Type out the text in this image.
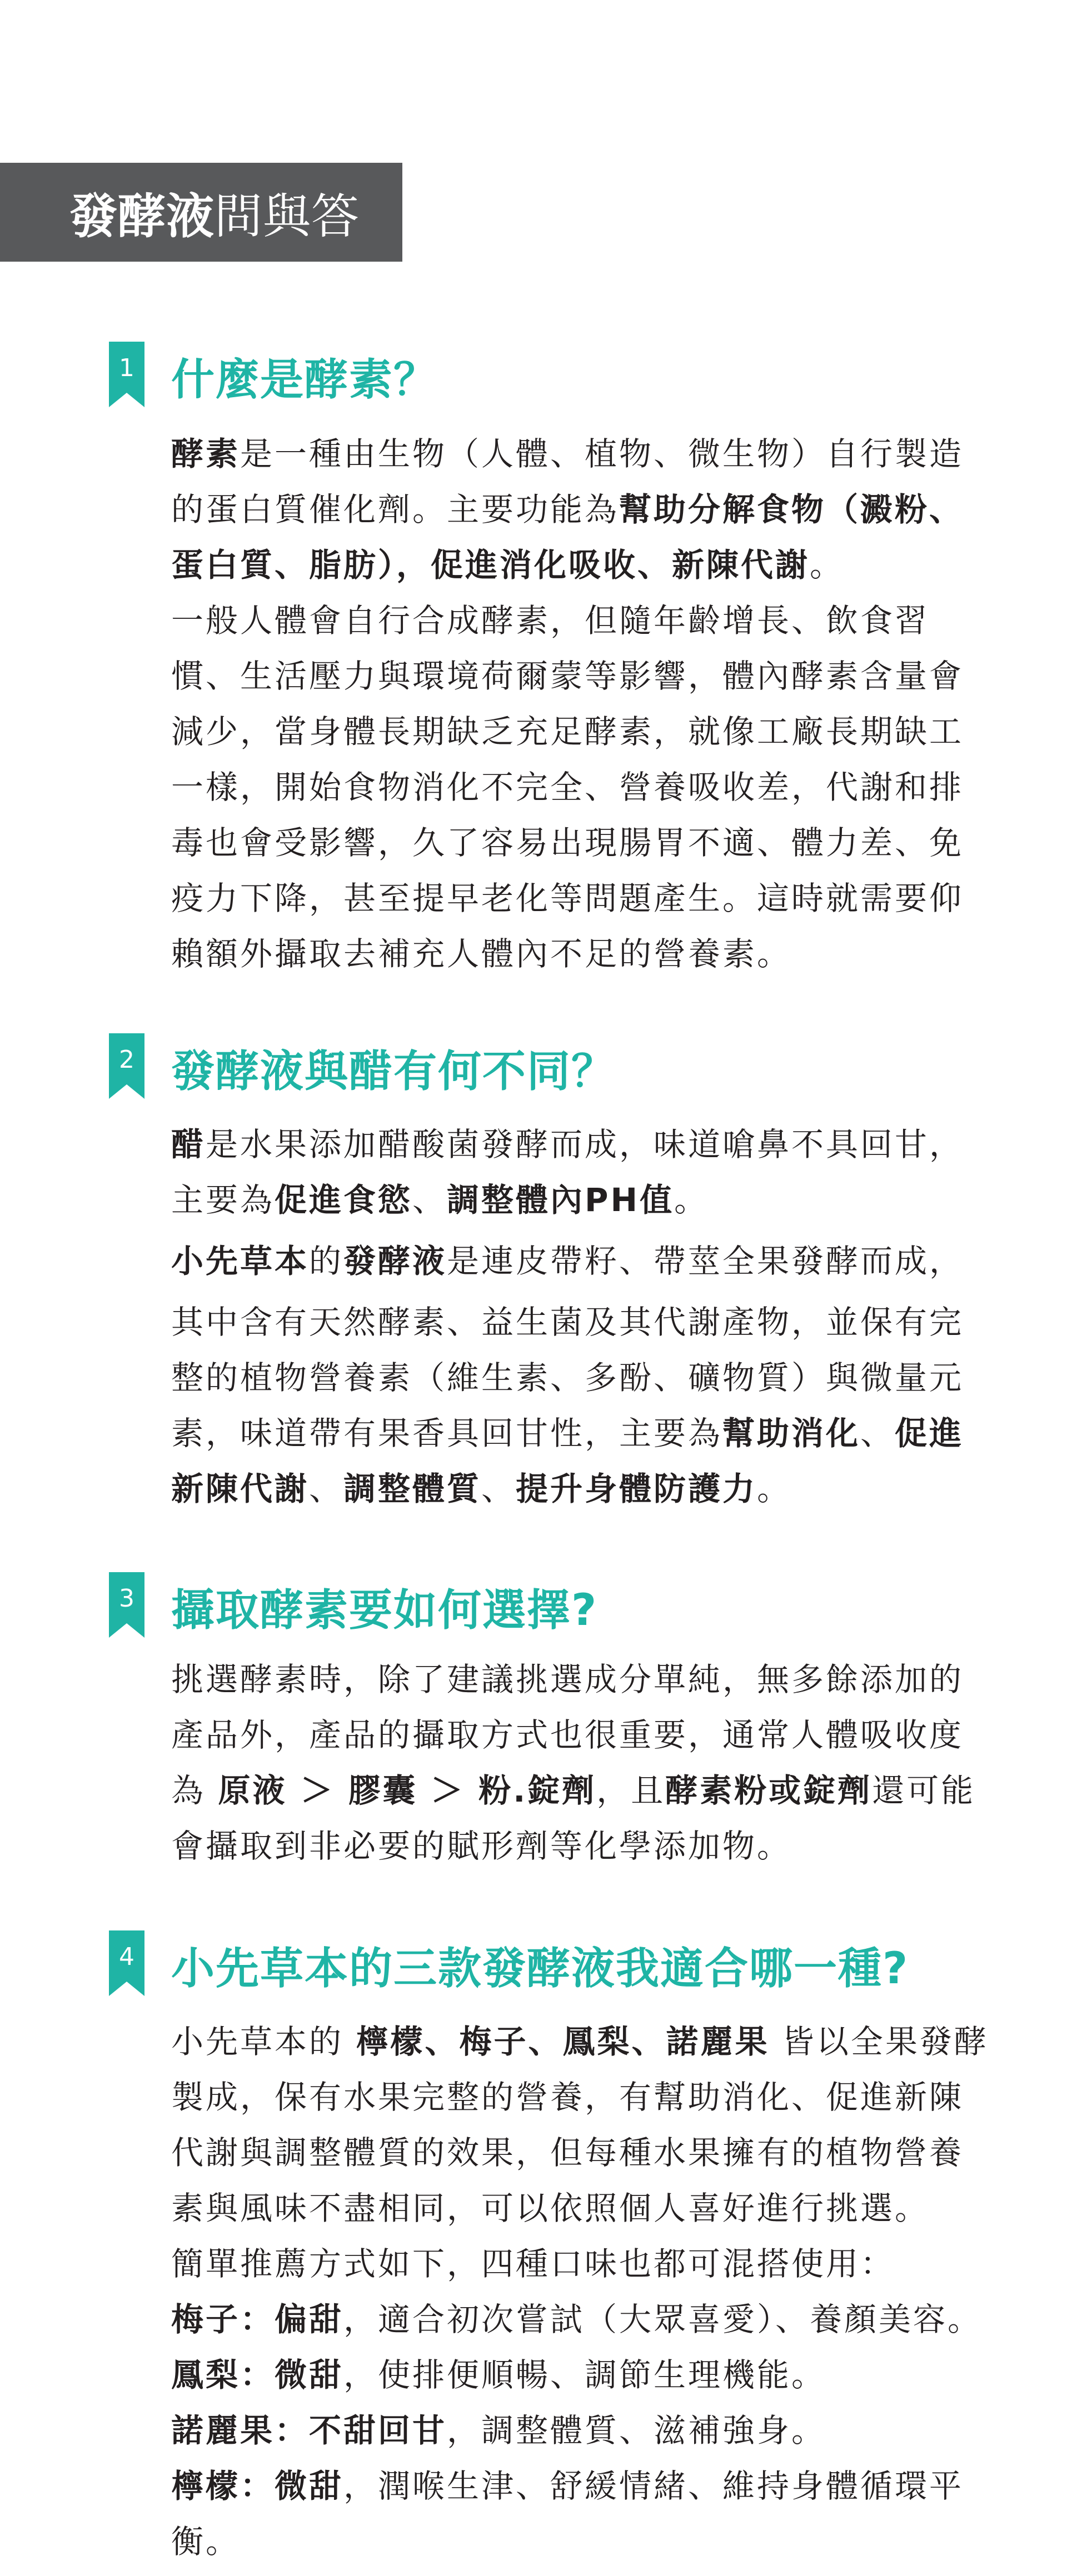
發酵液問與答
1 什麼是酵素？

酵素是一種由生物（人體、植物、微生物）自行製造的蛋白質催化劑。主要功能為幫助分解食物（澱粉、蛋白質、脂肪），促進消化吸收、新陳代謝。

一般人體會自行合成酵素，但隨年齡增長、飲食習慣、生活壓力與環境荷爾蒙等影響，體內酵素含量會減少，當身體長期缺乏充足酵素，就像工廠長期缺工一樣，開始食物消化不完全、營養吸收差，代謝和排毒也會受影響，久了容易出現腸胃不適、體力差、免疫力下降，甚至提早老化等問題產生。這時就需要仰賴額外攝取去補充人體內不足的營養素。

2 發酵液與醋有何不同？

醋是水果添加醋酸菌發酵而成，味道嗆鼻不具回甘，主要為促進食慾、調整體內PH值。

小先草本的發酵液是連皮帶籽、帶莖全果發酵而成，

其中含有天然酵素、益生菌及其代謝產物，並保有完整的植物營養素（維生素、多酚、礦物質）與微量元素，味道帶有果香具回甘性，主要為幫助消化、促進新陳代謝、調整體質、提升身體防護力。

3 攝取酵素要如何選擇?

挑選酵素時，除了建議挑選成分單純，無多餘添加的產品外，產品的攝取方式也很重要，通常人體吸收度為 原液 ＞ 膠囊 ＞ 粉.錠劑，且酵素粉或錠劑還可能會攝取到非必要的賦形劑等化學添加物。

4 小先草本的三款發酵液我適合哪一種?

小先草本的 檸檬、梅子、鳳梨、諾麗果 皆以全果發酵製成，保有水果完整的營養，有幫助消化、促進新陳代謝與調整體質的效果，但每種水果擁有的植物營養素與風味不盡相同，可以依照個人喜好進行挑選。

簡單推薦方式如下，四種口味也都可混搭使用：

梅子：偏甜，適合初次嘗試（大眾喜愛）、養顏美容。

鳳梨：微甜，使排便順暢、調節生理機能。

諾麗果：不甜回甘，調整體質、滋補強身。

檸檬：微甜，潤喉生津、舒緩情緒、維持身體循環平衡。
